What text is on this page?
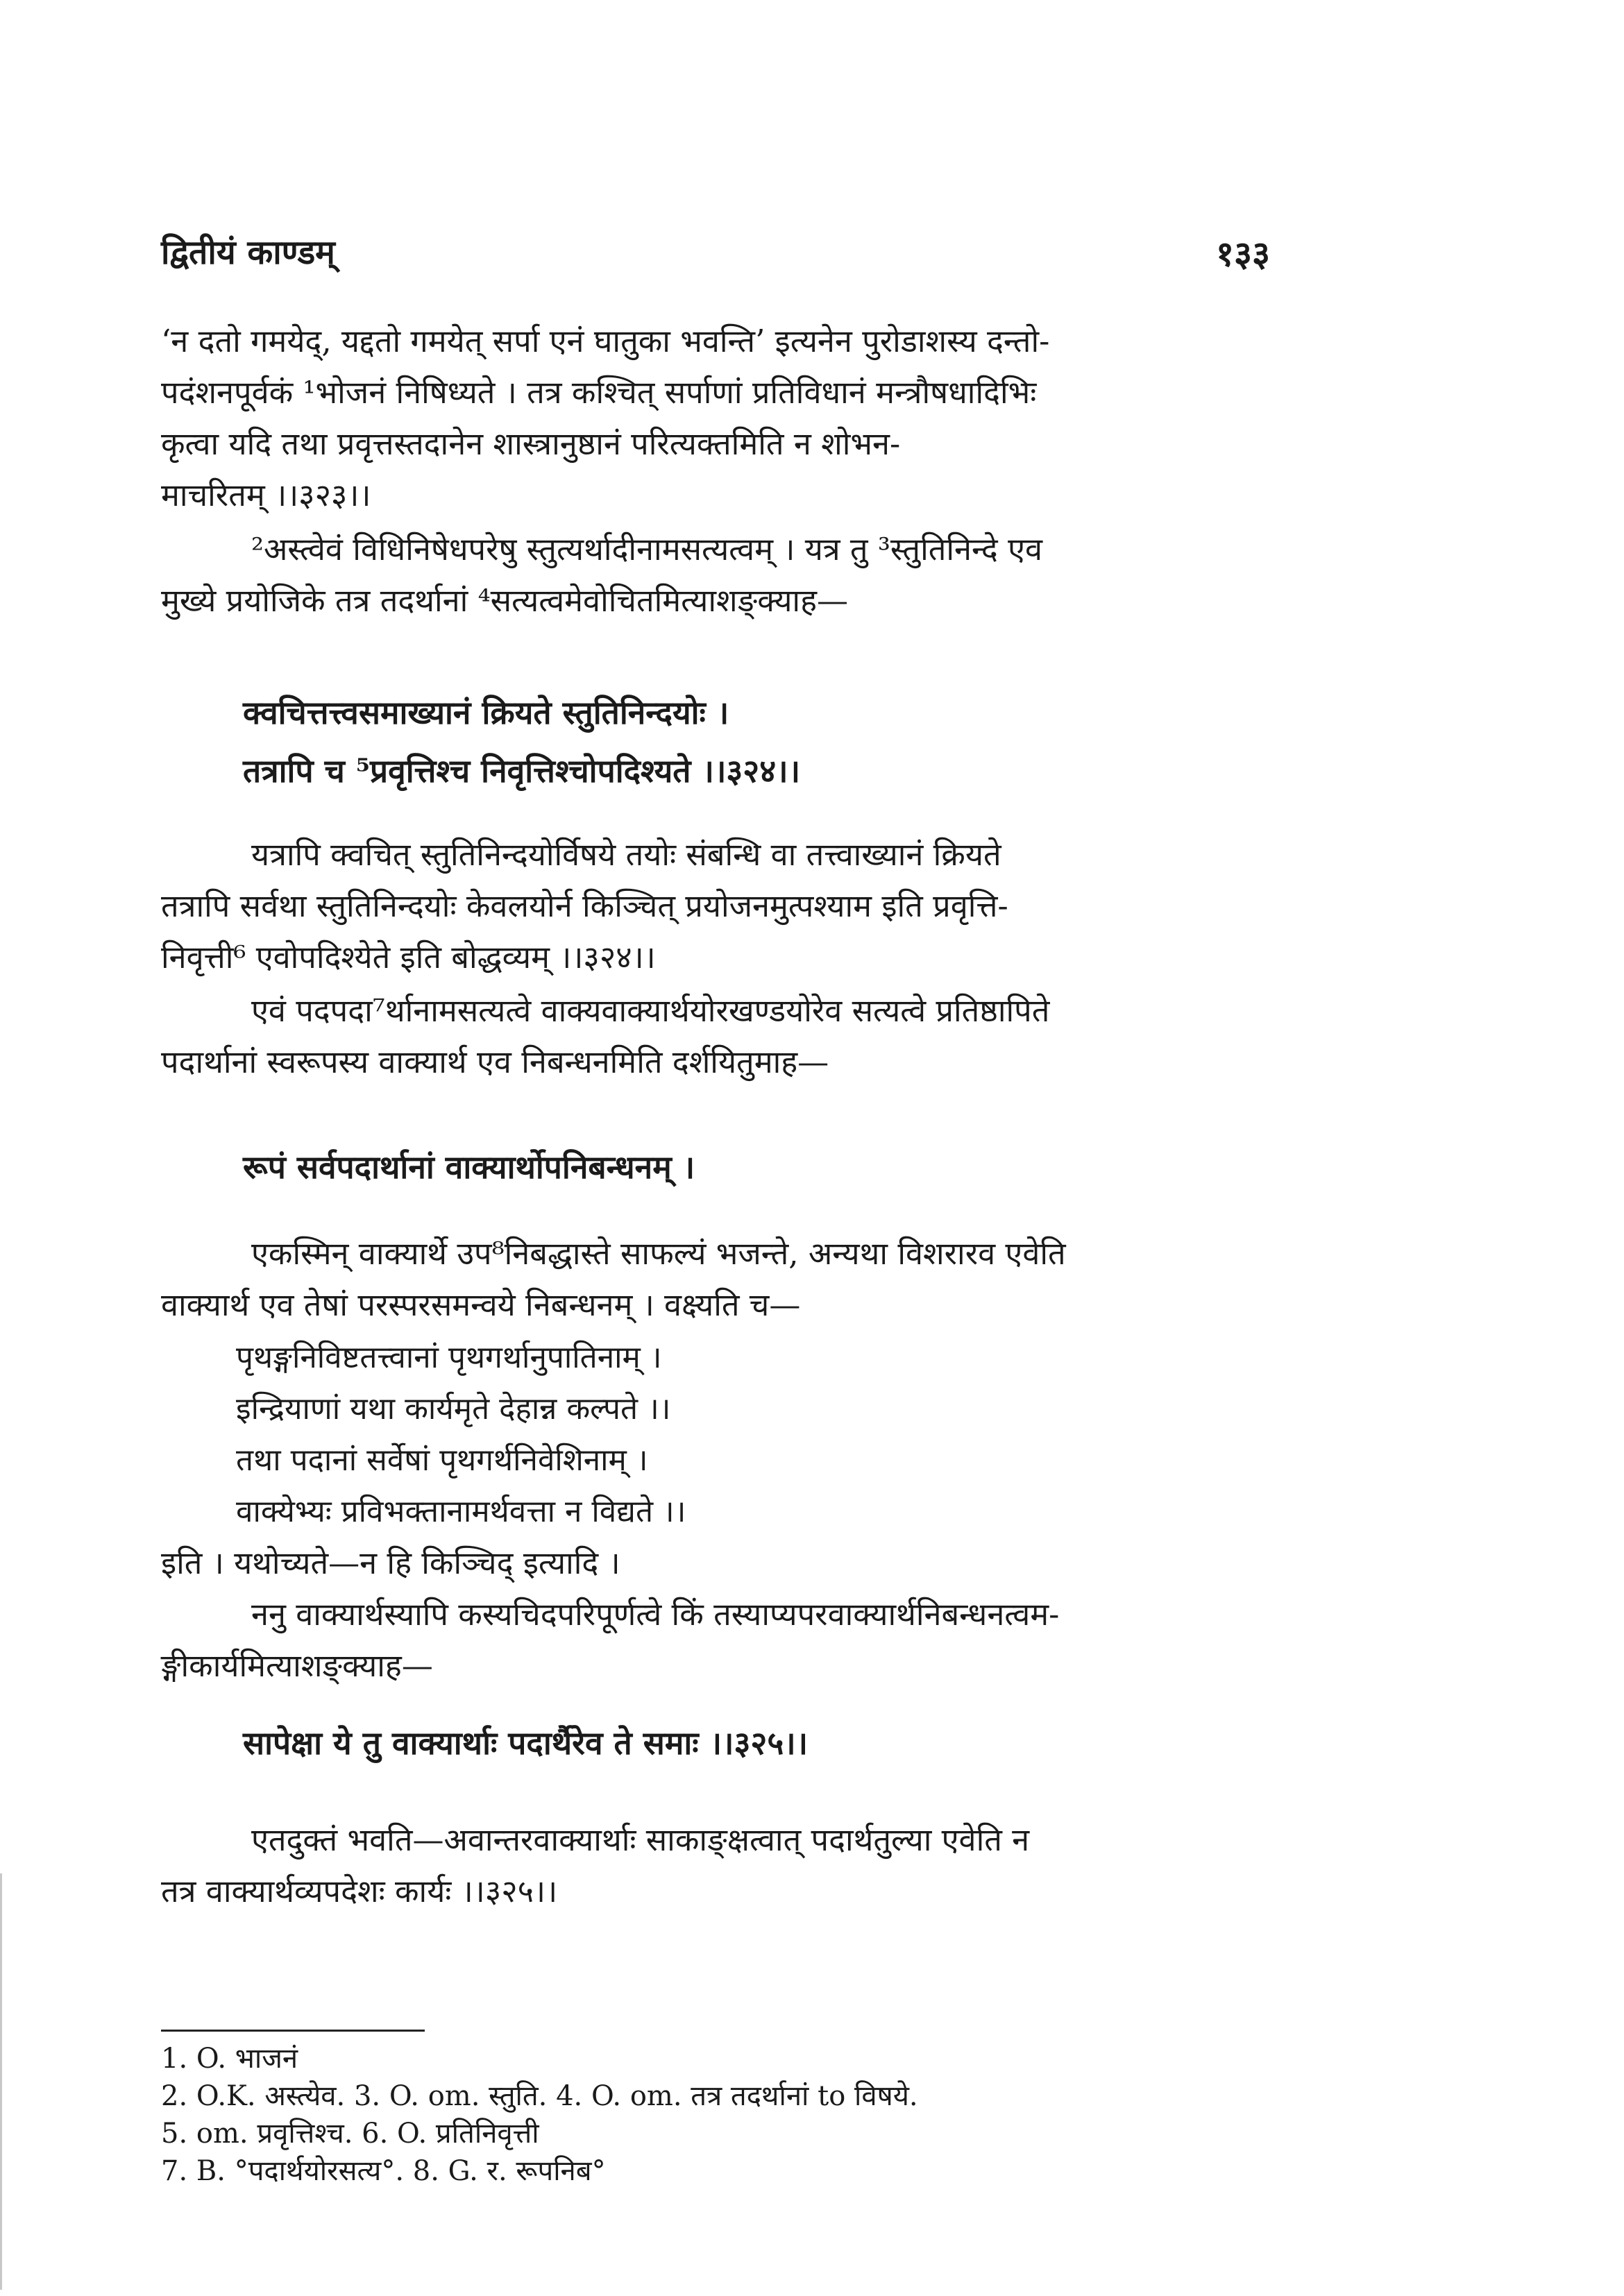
द्वितीयं काण्डम्	१३३
‘न दतो गमयेद्, यद्दतो गमयेत् सर्पा एनं घातुका भवन्ति’ इत्यनेन पुरोडाशस्य दन्तो-
पदंशनपूर्वकं ¹भोजनं निषिध्यते । तत्र कश्चित् सर्पाणां प्रतिविधानं मन्त्रौषधादिभिः
कृत्वा यदि तथा प्रवृत्तस्तदानेन शास्त्रानुष्ठानं परित्यक्तमिति न शोभन-
माचरितम् ।।३२३।।
²अस्त्वेवं विधिनिषेधपरेषु स्तुत्यर्थादीनामसत्यत्वम् । यत्र तु ³स्तुतिनिन्दे एव
मुख्ये प्रयोजिके तत्र तदर्थानां ⁴सत्यत्वमेवोचितमित्याशङ्क्याह—
क्वचित्तत्त्वसमाख्यानं क्रियते स्तुतिनिन्दयोः ।
तत्रापि च ⁵प्रवृत्तिश्च निवृत्तिश्चोपदिश्यते ।।३२४।।
यत्रापि क्वचित् स्तुतिनिन्दयोर्विषये तयोः संबन्धि वा तत्त्वाख्यानं क्रियते
तत्रापि सर्वथा स्तुतिनिन्दयोः केवलयोर्न किञ्चित् प्रयोजनमुत्पश्याम इति प्रवृत्ति-
निवृत्ती⁶ एवोपदिश्येते इति बोद्धव्यम् ।।३२४।।
एवं पदपदा⁷र्थानामसत्यत्वे वाक्यवाक्यार्थयोरखण्डयोरेव सत्यत्वे प्रतिष्ठापिते
पदार्थानां स्वरूपस्य वाक्यार्थ एव निबन्धनमिति दर्शयितुमाह—
रूपं सर्वपदार्थानां वाक्यार्थोपनिबन्धनम् ।
एकस्मिन् वाक्यार्थे उप⁸निबद्धास्ते साफल्यं भजन्ते, अन्यथा विशरारव एवेति
वाक्यार्थ एव तेषां परस्परसमन्वये निबन्धनम् । वक्ष्यति च—
पृथङ्गनिविष्टतत्त्वानां पृथगर्थानुपातिनाम् ।
इन्द्रियाणां यथा कार्यमृते देहान्न कल्पते ।।
तथा पदानां सर्वेषां पृथगर्थनिवेशिनाम् ।
वाक्येभ्यः प्रविभक्तानामर्थवत्ता न विद्यते ।।
इति । यथोच्यते—न हि किञ्चिद् इत्यादि ।
ननु वाक्यार्थस्यापि कस्यचिदपरिपूर्णत्वे किं तस्याप्यपरवाक्यार्थनिबन्धनत्वम-
ङ्गीकार्यमित्याशङ्क्याह—
सापेक्षा ये तु वाक्यार्थाः पदार्थैरेव ते समाः ।।३२५।।
एतदुक्तं भवति—अवान्तरवाक्यार्थाः साकाङ्क्षत्वात् पदार्थतुल्या एवेति न
तत्र वाक्यार्थव्यपदेशः कार्यः ।।३२५।।
1. O. भाजनं
2. O.K. अस्त्येव. 3. O. om. स्तुति. 4. O. om. तत्र तदर्थानां to विषये.
5. om. प्रवृत्तिश्च. 6. O. प्रतिनिवृत्ती
7. B. °पदार्थयोरसत्य°. 8. G. र. रूपनिब°
